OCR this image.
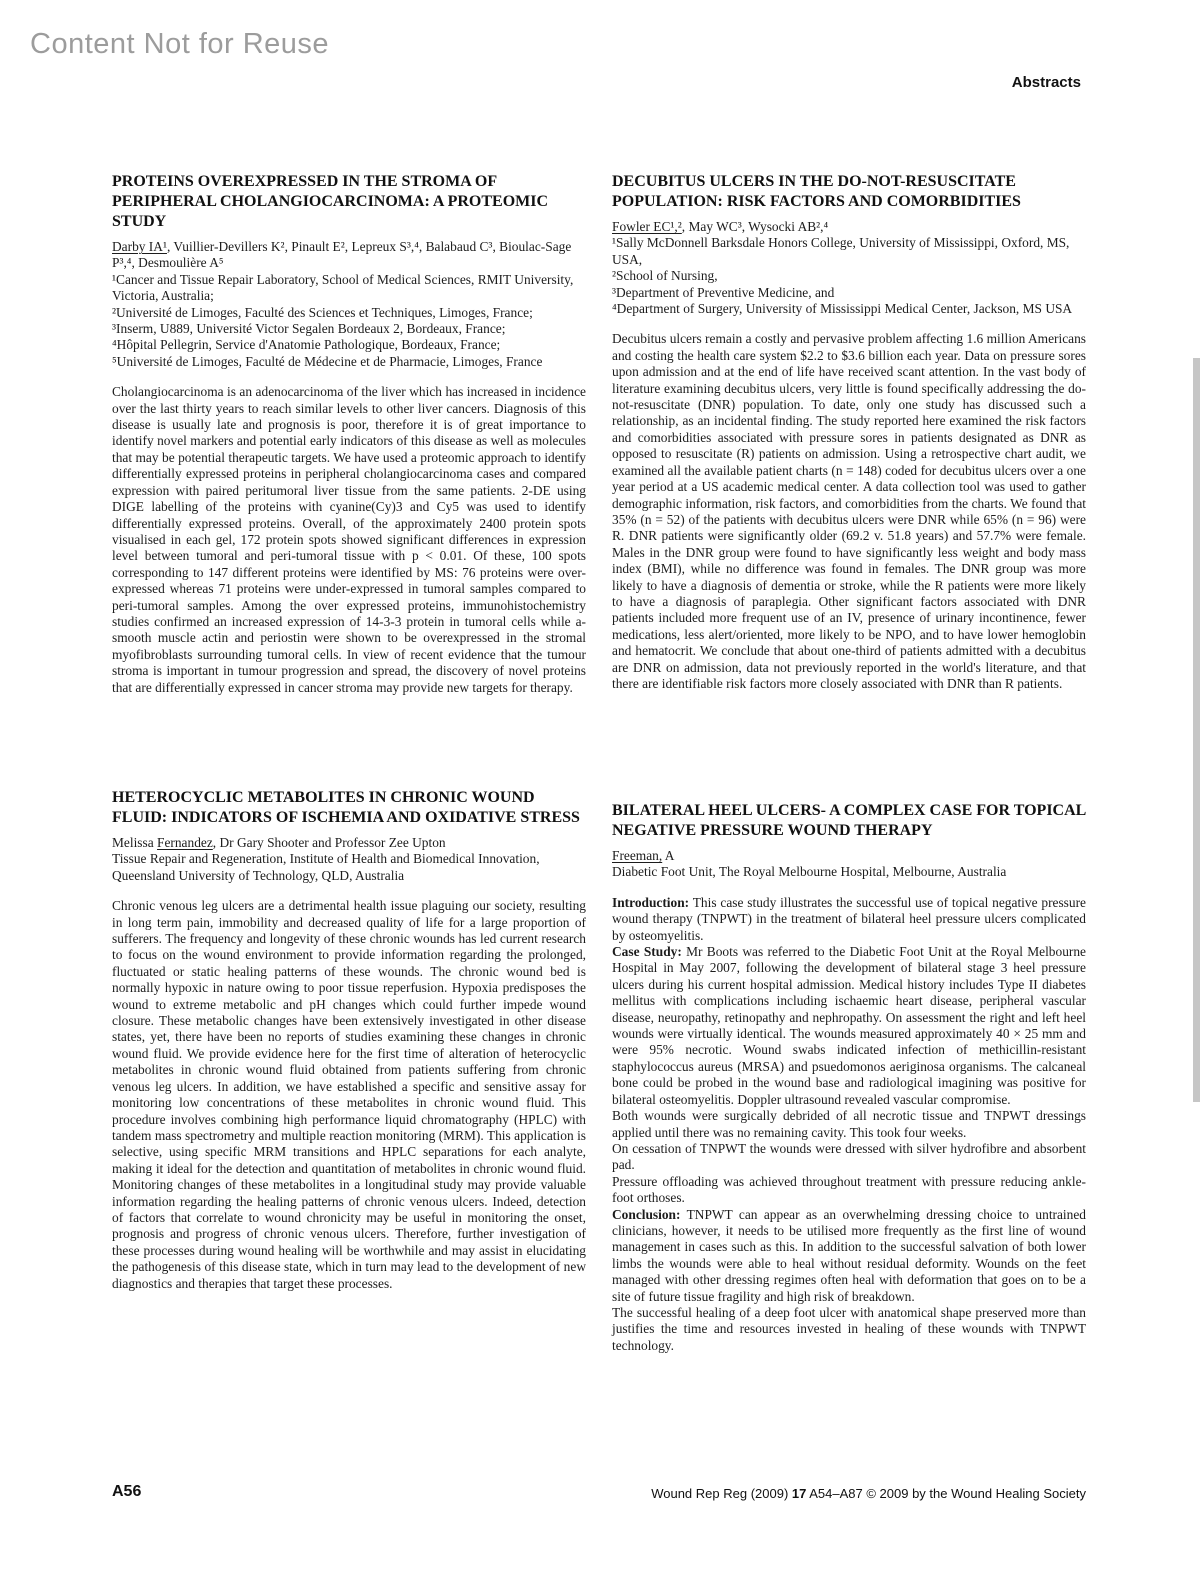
Content Not for Reuse
Abstracts
PROTEINS OVEREXPRESSED IN THE STROMA OF PERIPHERAL CHOLANGIOCARCINOMA: A PROTEOMIC STUDY

Darby IA¹, Vuillier-Devillers K², Pinault E², Lepreux S³,⁴, Balabaud C³, Bioulac-Sage P³,⁴, Desmoulière A⁵

¹Cancer and Tissue Repair Laboratory, School of Medical Sciences, RMIT University, Victoria, Australia;

²Université de Limoges, Faculté des Sciences et Techniques, Limoges, France;

³Inserm, U889, Université Victor Segalen Bordeaux 2, Bordeaux, France;

⁴Hôpital Pellegrin, Service d'Anatomie Pathologique, Bordeaux, France;

⁵Université de Limoges, Faculté de Médecine et de Pharmacie, Limoges, France

Cholangiocarcinoma is an adenocarcinoma of the liver which has increased in incidence over the last thirty years to reach similar levels to other liver cancers. Diagnosis of this disease is usually late and prognosis is poor, therefore it is of great importance to identify novel markers and potential early indicators of this disease as well as molecules that may be potential therapeutic targets. We have used a proteomic approach to identify differentially expressed proteins in peripheral cholangiocarcinoma cases and compared expression with paired peritumoral liver tissue from the same patients. 2-DE using DIGE labelling of the proteins with cyanine(Cy)3 and Cy5 was used to identify differentially expressed proteins. Overall, of the approximately 2400 protein spots visualised in each gel, 172 protein spots showed significant differences in expression level between tumoral and peri-tumoral tissue with p < 0.01. Of these, 100 spots corresponding to 147 different proteins were identified by MS: 76 proteins were over-expressed whereas 71 proteins were under-expressed in tumoral samples compared to peri-tumoral samples. Among the over expressed proteins, immunohistochemistry studies confirmed an increased expression of 14-3-3 protein in tumoral cells while a-smooth muscle actin and periostin were shown to be overexpressed in the stromal myofibroblasts surrounding tumoral cells. In view of recent evidence that the tumour stroma is important in tumour progression and spread, the discovery of novel proteins that are differentially expressed in cancer stroma may provide new targets for therapy.

DECUBITUS ULCERS IN THE DO-NOT-RESUSCITATE POPULATION: RISK FACTORS AND COMORBIDITIES

Fowler EC¹,², May WC³, Wysocki AB²,⁴

¹Sally McDonnell Barksdale Honors College, University of Mississippi, Oxford, MS, USA,

²School of Nursing,

³Department of Preventive Medicine, and

⁴Department of Surgery, University of Mississippi Medical Center, Jackson, MS USA

Decubitus ulcers remain a costly and pervasive problem affecting 1.6 million Americans and costing the health care system $2.2 to $3.6 billion each year. Data on pressure sores upon admission and at the end of life have received scant attention. In the vast body of literature examining decubitus ulcers, very little is found specifically addressing the do-not-resuscitate (DNR) population. To date, only one study has discussed such a relationship, as an incidental finding. The study reported here examined the risk factors and comorbidities associated with pressure sores in patients designated as DNR as opposed to resuscitate (R) patients on admission. Using a retrospective chart audit, we examined all the available patient charts (n = 148) coded for decubitus ulcers over a one year period at a US academic medical center. A data collection tool was used to gather demographic information, risk factors, and comorbidities from the charts. We found that 35% (n = 52) of the patients with decubitus ulcers were DNR while 65% (n = 96) were R. DNR patients were significantly older (69.2 v. 51.8 years) and 57.7% were female. Males in the DNR group were found to have significantly less weight and body mass index (BMI), while no difference was found in females. The DNR group was more likely to have a diagnosis of dementia or stroke, while the R patients were more likely to have a diagnosis of paraplegia. Other significant factors associated with DNR patients included more frequent use of an IV, presence of urinary incontinence, fewer medications, less alert/oriented, more likely to be NPO, and to have lower hemoglobin and hematocrit. We conclude that about one-third of patients admitted with a decubitus are DNR on admission, data not previously reported in the world's literature, and that there are identifiable risk factors more closely associated with DNR than R patients.

HETEROCYCLIC METABOLITES IN CHRONIC WOUND FLUID: INDICATORS OF ISCHEMIA AND OXIDATIVE STRESS

Melissa Fernandez, Dr Gary Shooter and Professor Zee Upton

Tissue Repair and Regeneration, Institute of Health and Biomedical Innovation, Queensland University of Technology, QLD, Australia

Chronic venous leg ulcers are a detrimental health issue plaguing our society, resulting in long term pain, immobility and decreased quality of life for a large proportion of sufferers. The frequency and longevity of these chronic wounds has led current research to focus on the wound environment to provide information regarding the prolonged, fluctuated or static healing patterns of these wounds. The chronic wound bed is normally hypoxic in nature owing to poor tissue reperfusion. Hypoxia predisposes the wound to extreme metabolic and pH changes which could further impede wound closure. These metabolic changes have been extensively investigated in other disease states, yet, there have been no reports of studies examining these changes in chronic wound fluid. We provide evidence here for the first time of alteration of heterocyclic metabolites in chronic wound fluid obtained from patients suffering from chronic venous leg ulcers. In addition, we have established a specific and sensitive assay for monitoring low concentrations of these metabolites in chronic wound fluid. This procedure involves combining high performance liquid chromatography (HPLC) with tandem mass spectrometry and multiple reaction monitoring (MRM). This application is selective, using specific MRM transitions and HPLC separations for each analyte, making it ideal for the detection and quantitation of metabolites in chronic wound fluid. Monitoring changes of these metabolites in a longitudinal study may provide valuable information regarding the healing patterns of chronic venous ulcers. Indeed, detection of factors that correlate to wound chronicity may be useful in monitoring the onset, prognosis and progress of chronic venous ulcers. Therefore, further investigation of these processes during wound healing will be worthwhile and may assist in elucidating the pathogenesis of this disease state, which in turn may lead to the development of new diagnostics and therapies that target these processes.

BILATERAL HEEL ULCERS- A COMPLEX CASE FOR TOPICAL NEGATIVE PRESSURE WOUND THERAPY

Freeman, A

Diabetic Foot Unit, The Royal Melbourne Hospital, Melbourne, Australia

Introduction: This case study illustrates the successful use of topical negative pressure wound therapy (TNPWT) in the treatment of bilateral heel pressure ulcers complicated by osteomyelitis.

Case Study: Mr Boots was referred to the Diabetic Foot Unit at the Royal Melbourne Hospital in May 2007, following the development of bilateral stage 3 heel pressure ulcers during his current hospital admission. Medical history includes Type II diabetes mellitus with complications including ischaemic heart disease, peripheral vascular disease, neuropathy, retinopathy and nephropathy. On assessment the right and left heel wounds were virtually identical. The wounds measured approximately 40 × 25 mm and were 95% necrotic. Wound swabs indicated infection of methicillin-resistant staphylococcus aureus (MRSA) and psuedomonos aeriginosa organisms. The calcaneal bone could be probed in the wound base and radiological imagining was positive for bilateral osteomyelitis. Doppler ultrasound revealed vascular compromise.

Both wounds were surgically debrided of all necrotic tissue and TNPWT dressings applied until there was no remaining cavity. This took four weeks.

On cessation of TNPWT the wounds were dressed with silver hydrofibre and absorbent pad.

Pressure offloading was achieved throughout treatment with pressure reducing ankle-foot orthoses.

Conclusion: TNPWT can appear as an overwhelming dressing choice to untrained clinicians, however, it needs to be utilised more frequently as the first line of wound management in cases such as this. In addition to the successful salvation of both lower limbs the wounds were able to heal without residual deformity. Wounds on the feet managed with other dressing regimes often heal with deformation that goes on to be a site of future tissue fragility and high risk of breakdown.

The successful healing of a deep foot ulcer with anatomical shape preserved more than justifies the time and resources invested in healing of these wounds with TNPWT technology.

A56	Wound Rep Reg (2009) 17 A54–A87 © 2009 by the Wound Healing Society
